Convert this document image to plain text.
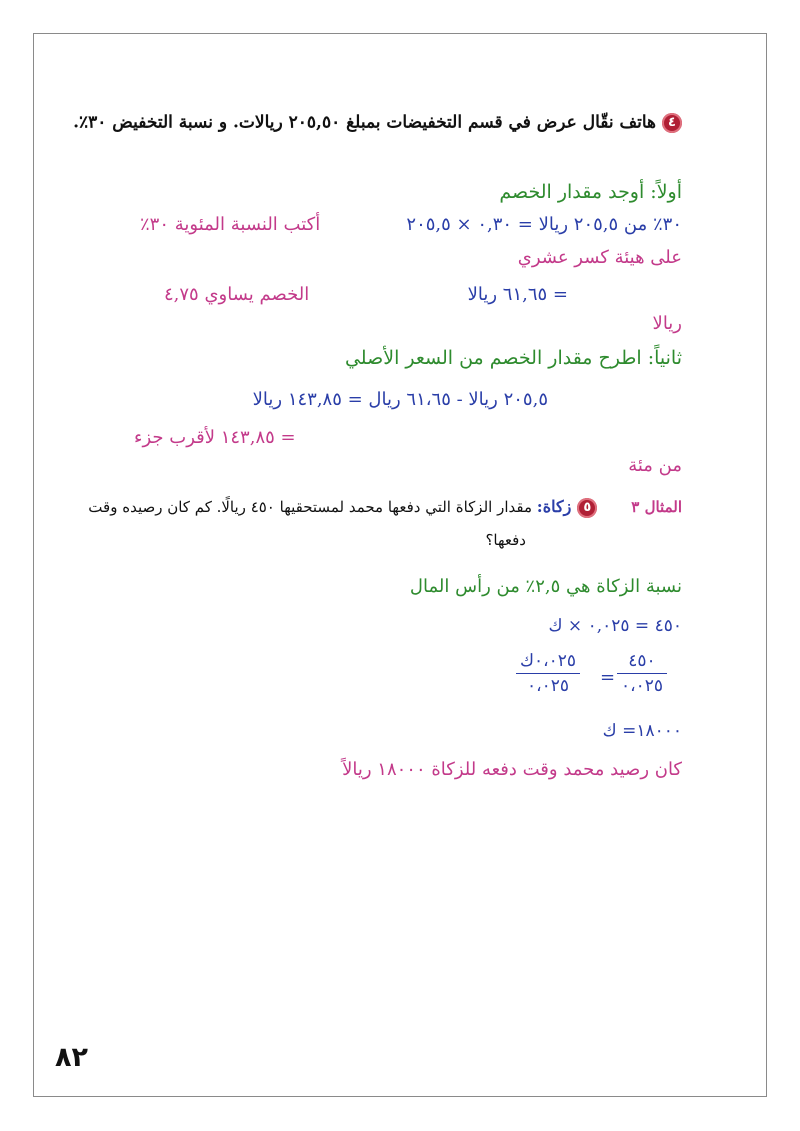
٤هاتف نقّال عرض في قسم التخفيضات بمبلغ ٢٠٥,٥٠ ريالات. و نسبة التخفيض ٣٠٪.
أولاً: أوجد مقدار الخصم
٣٠٪ من ٢٠٥,٥ ريالا = ٠,٣٠ × ٢٠٥,٥
أكتب النسبة المئوية ٣٠٪
على هيئة كسر عشري
= ٦١,٦٥ ريالا
الخصم يساوي ٤,٧٥
ريالا
ثانياً: اطرح مقدار الخصم من السعر الأصلي
٢٠٥,٥ ريالا - ٦١،٦٥ ريال = ١٤٣,٨٥ ريالا
= ١٤٣,٨٥ لأقرب جزء
من مئة
المثال ٣٥زكاة: مقدار الزكاة التي دفعها محمد لمستحقيها ٤٥٠ ريالًا. كم كان رصيده وقت
دفعها؟
نسبة الزكاة هي ٢,٥٪ من رأس المال
٤٥٠ = ٠,٠٢٥ × ك
٠،٠٢٥ك
٠،٠٢٥	=
٤٥٠
٠،٠٢٥
١٨٠٠٠= ك
كان رصيد محمد وقت دفعه للزكاة ١٨٠٠٠ ريالاً
٨٢
